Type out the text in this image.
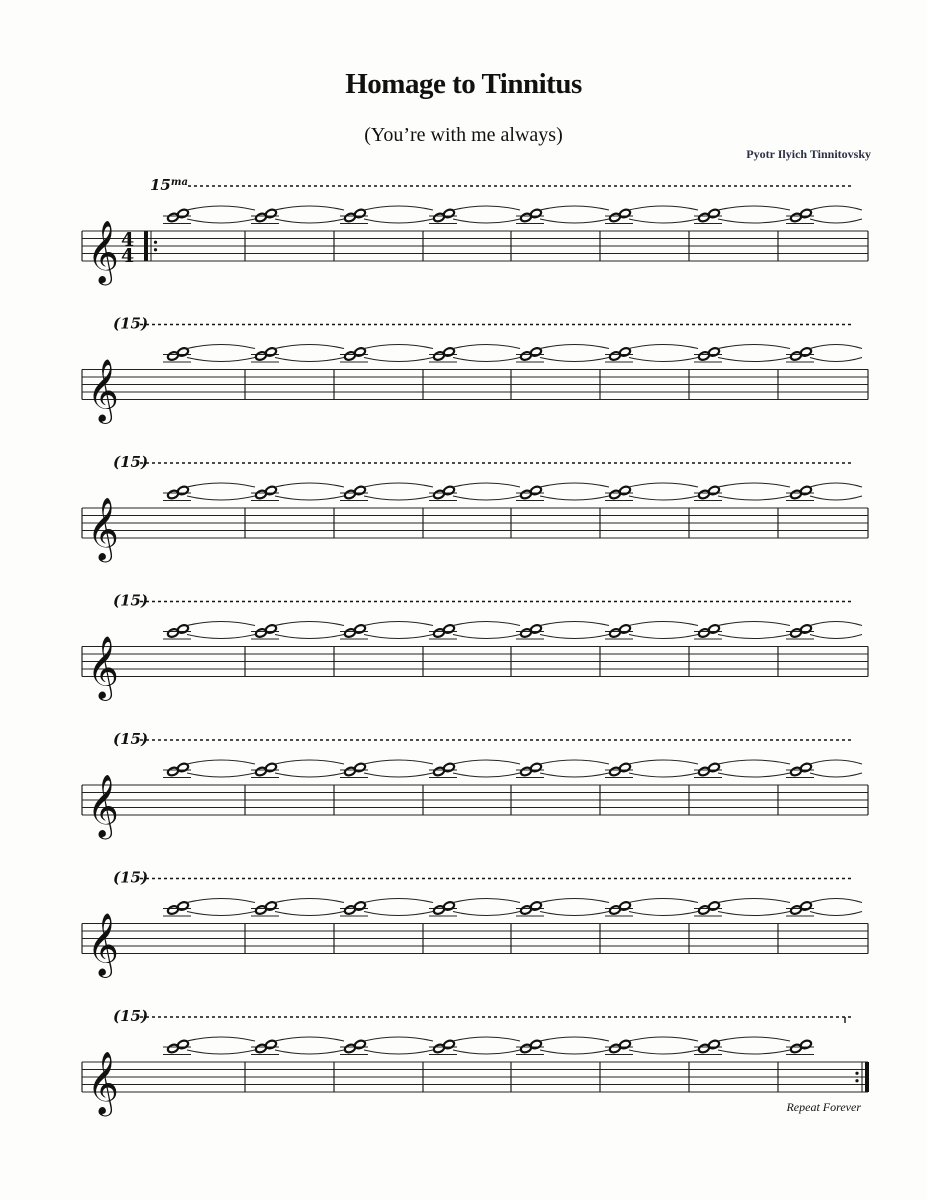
Homage to Tinnitus
(You’re with me always)
Pyotr Ilyich Tinnitovsky
Repeat Forever
𝄞 4
4
$15^{ma}$
𝄞
(15)
𝄞
(15)
𝄞
(15)
𝄞
(15)
𝄞
(15)
𝄞
(15)
